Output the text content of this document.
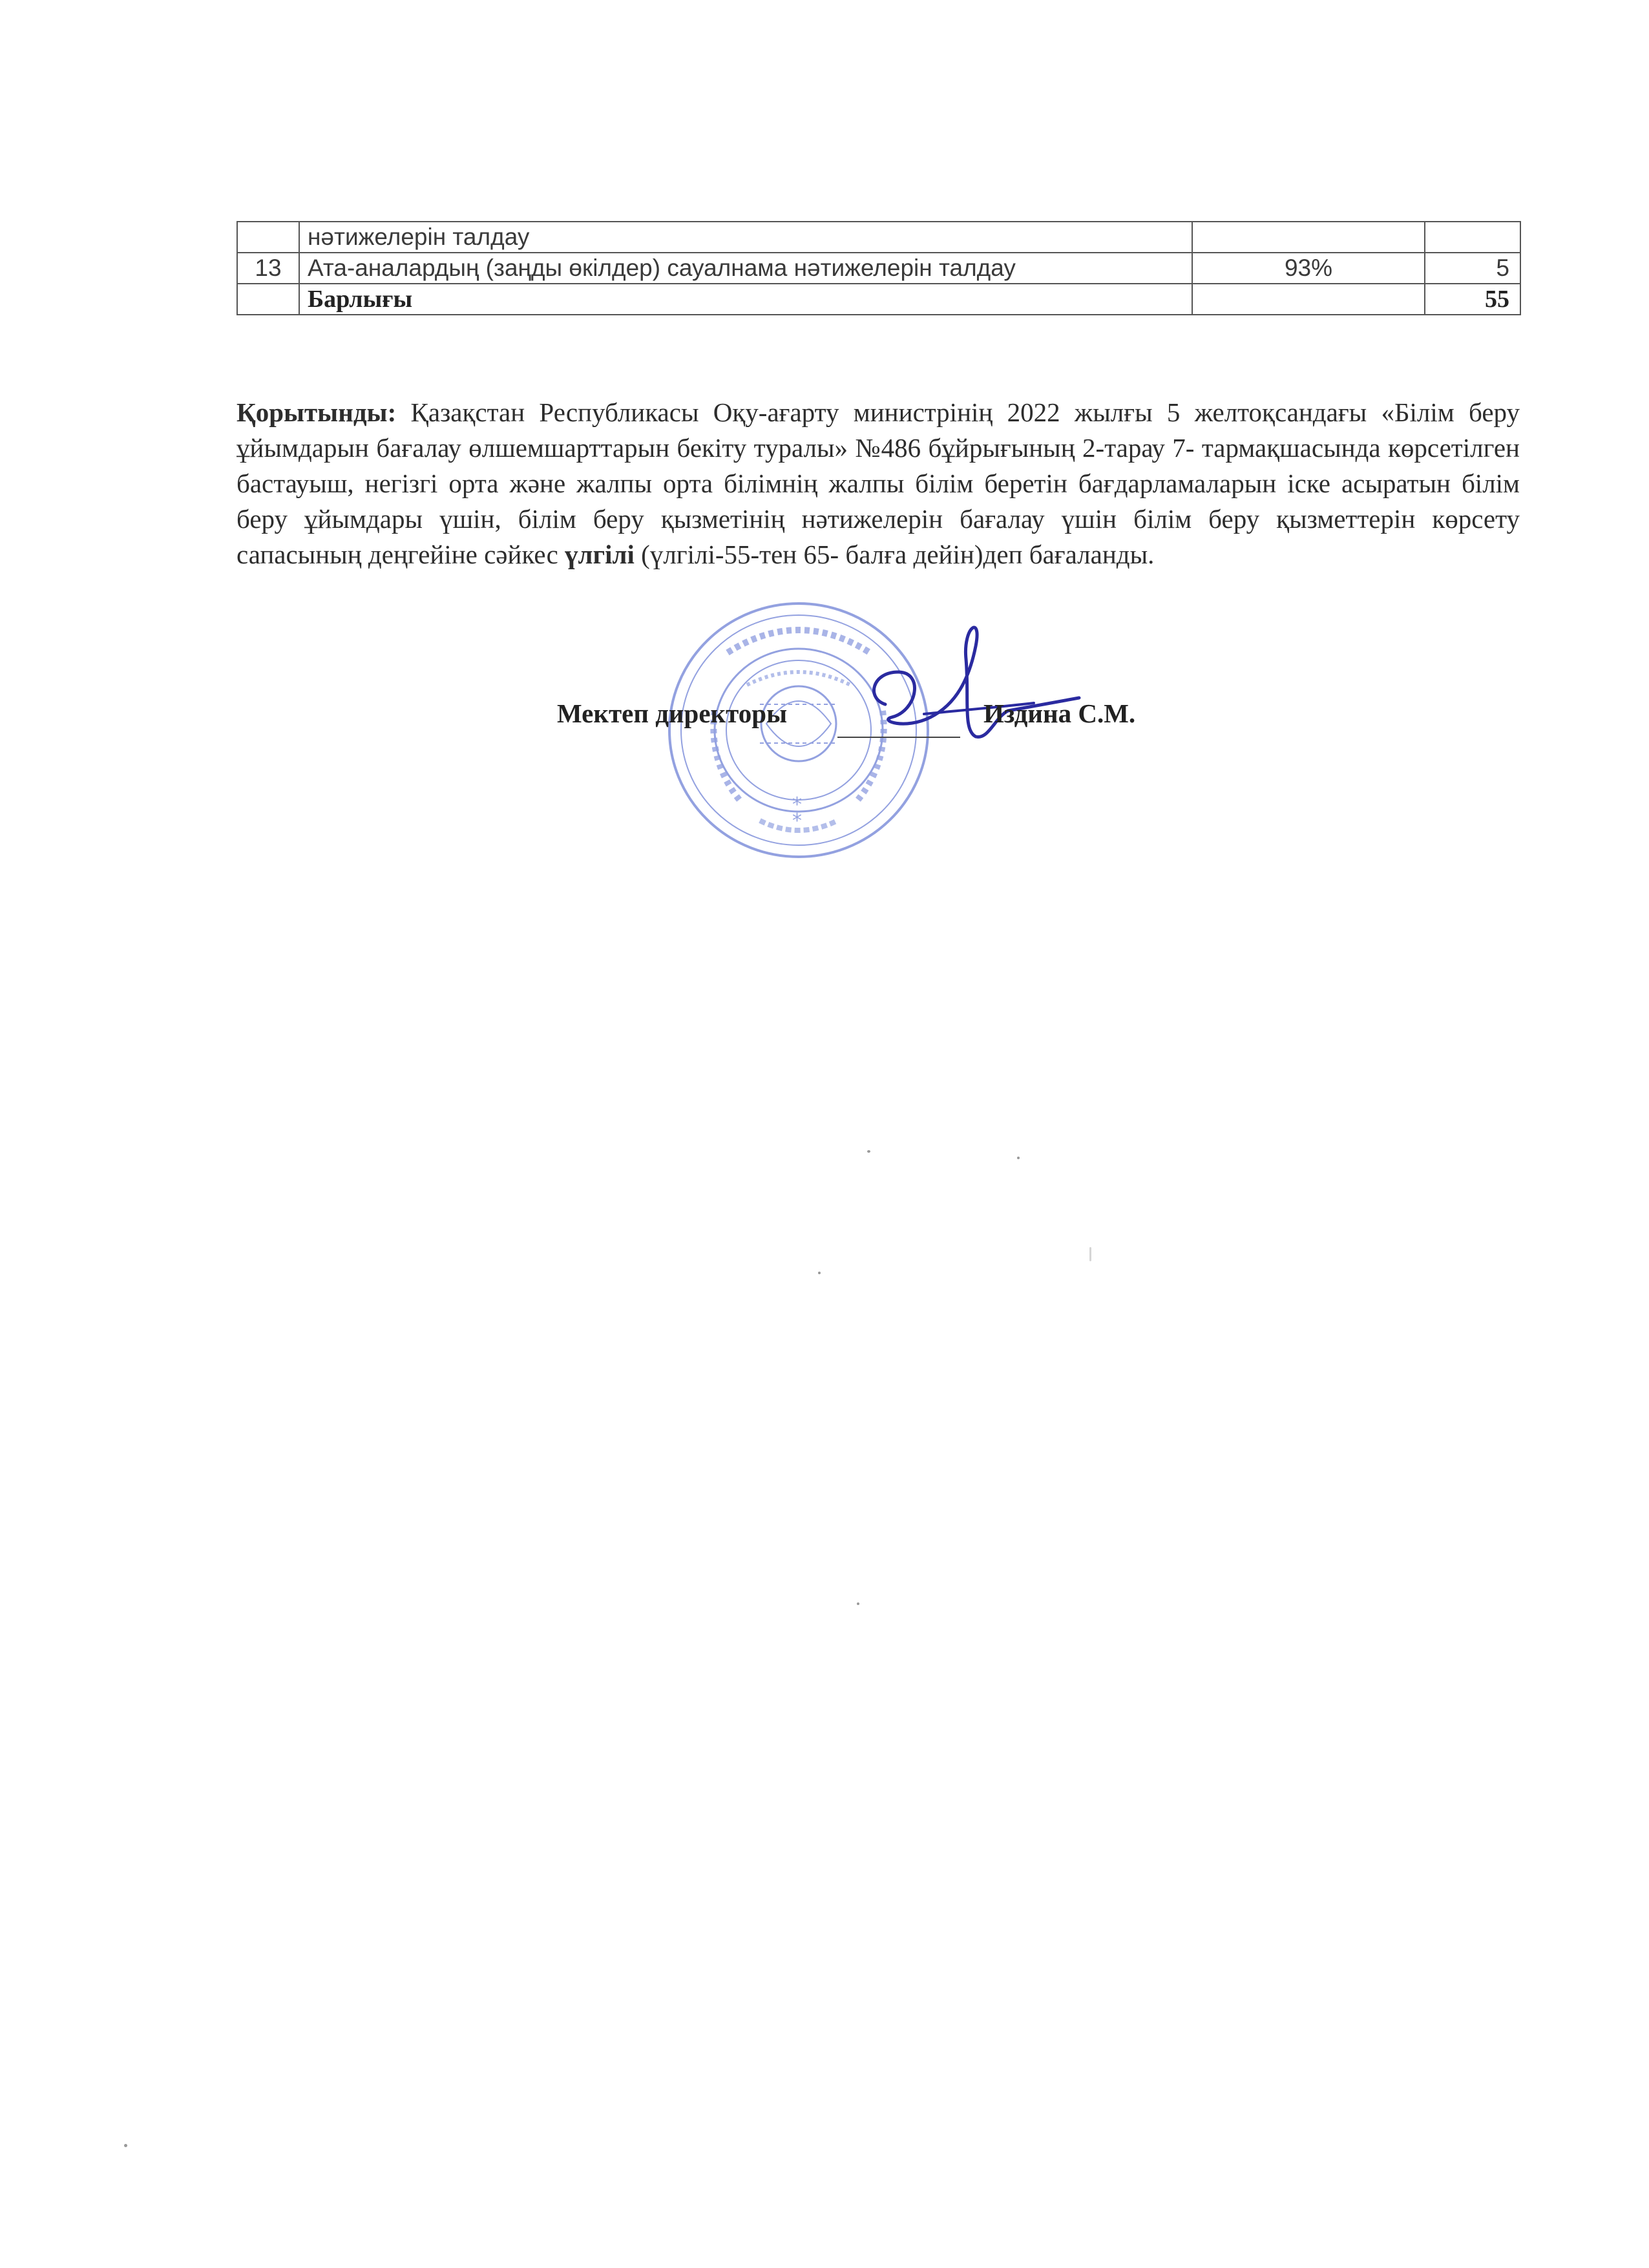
	нәтижелерін талдау		
13	Ата-аналардың (заңды өкілдер) сауалнама нәтижелерін талдау	93%	5
	Барлығы		55

Қорытынды: Қазақстан Республикасы Оқу-ағарту министрінің 2022 жылғы 5 желтоқсандағы «Білім беру ұйымдарын бағалау өлшемшарттарын бекіту туралы» №486 бұйрығының 2-тарау 7- тармақшасында көрсетілген бастауыш, негізгі орта және жалпы орта білімнің жалпы білім беретін бағдарламаларын іске асыратын білім беру ұйымдары үшін, білім беру қызметінің нәтижелерін бағалау үшін білім беру қызметтерін көрсету сапасының деңгейіне сәйкес үлгілі (үлгілі-55-тен 65- балға дейін)деп бағаланды.

*
*
Мектеп директоры	Издина С.М.
